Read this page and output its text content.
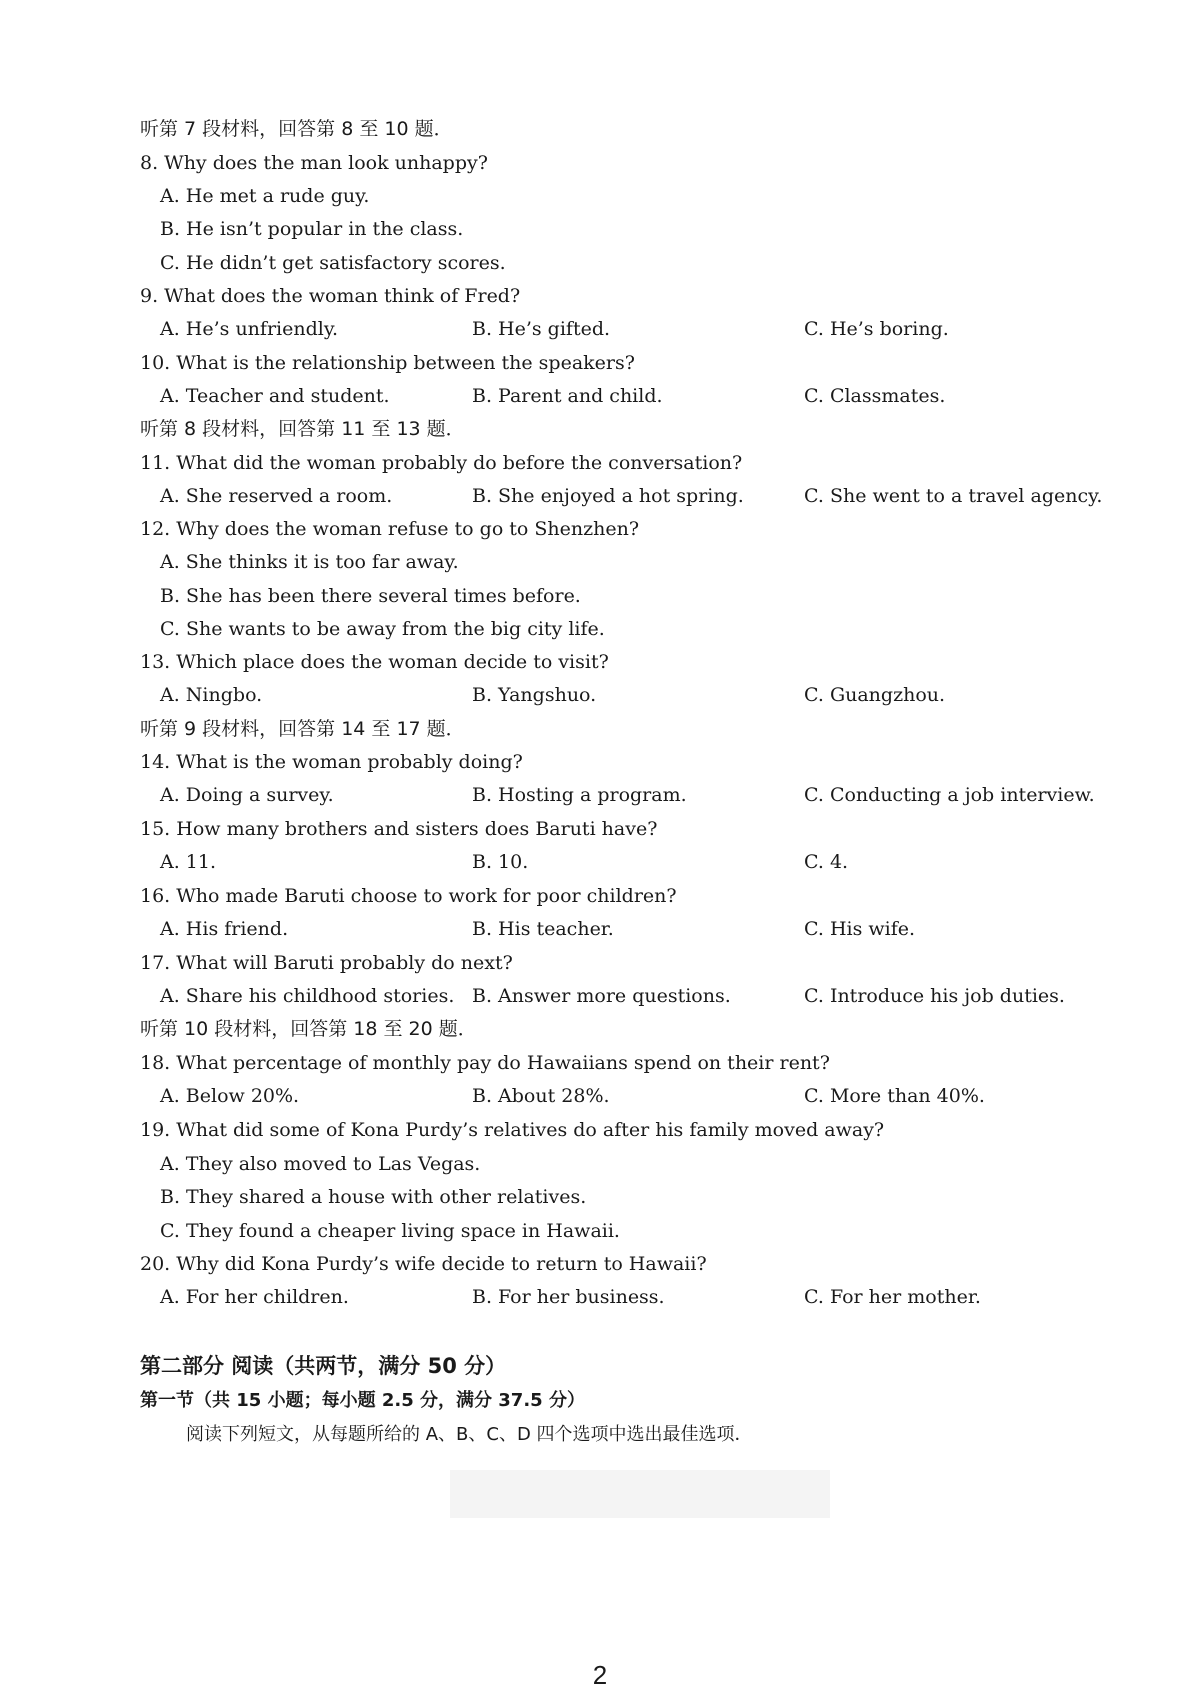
听第 7 段材料，回答第 8 至 10 题．
8. Why does the man look unhappy?
A. He met a rude guy.
B. He isn’t popular in the class.
C. He didn’t get satisfactory scores.
9. What does the woman think of Fred?
A. He’s unfriendly.	B. He’s gifted.	C. He’s boring.
10. What is the relationship between the speakers?
A. Teacher and student.	B. Parent and child.	C. Classmates.
听第 8 段材料，回答第 11 至 13 题．
11. What did the woman probably do before the conversation?
A. She reserved a room.	B. She enjoyed a hot spring.	C. She went to a travel agency.
12. Why does the woman refuse to go to Shenzhen?
A. She thinks it is too far away.
B. She has been there several times before.
C. She wants to be away from the big city life.
13. Which place does the woman decide to visit?
A. Ningbo.	B. Yangshuo.	C. Guangzhou.
听第 9 段材料，回答第 14 至 17 题．
14. What is the woman probably doing?
A. Doing a survey.	B. Hosting a program.	C. Conducting a job interview.
15. How many brothers and sisters does Baruti have?
A. 11.	B. 10.	C. 4.
16. Who made Baruti choose to work for poor children?
A. His friend.	B. His teacher.	C. His wife.
17. What will Baruti probably do next?
A. Share his childhood stories. B. Answer more questions.	C. Introduce his job duties.
听第 10 段材料，回答第 18 至 20 题．
18. What percentage of monthly pay do Hawaiians spend on their rent?
A. Below 20%.	B. About 28%.	C. More than 40%.
19. What did some of Kona Purdy’s relatives do after his family moved away?
A. They also moved to Las Vegas.
B. They shared a house with other relatives.
C. They found a cheaper living space in Hawaii.
20. Why did Kona Purdy’s wife decide to return to Hawaii?
A. For her children.	B. For her business.	C. For her mother.
第二部分 阅读（共两节，满分 50 分）
第一节（共 15 小题；每小题 2.5 分，满分 37.5 分）
阅读下列短文，从每题所给的 A、B、C、D 四个选项中选出最佳选项．
2
